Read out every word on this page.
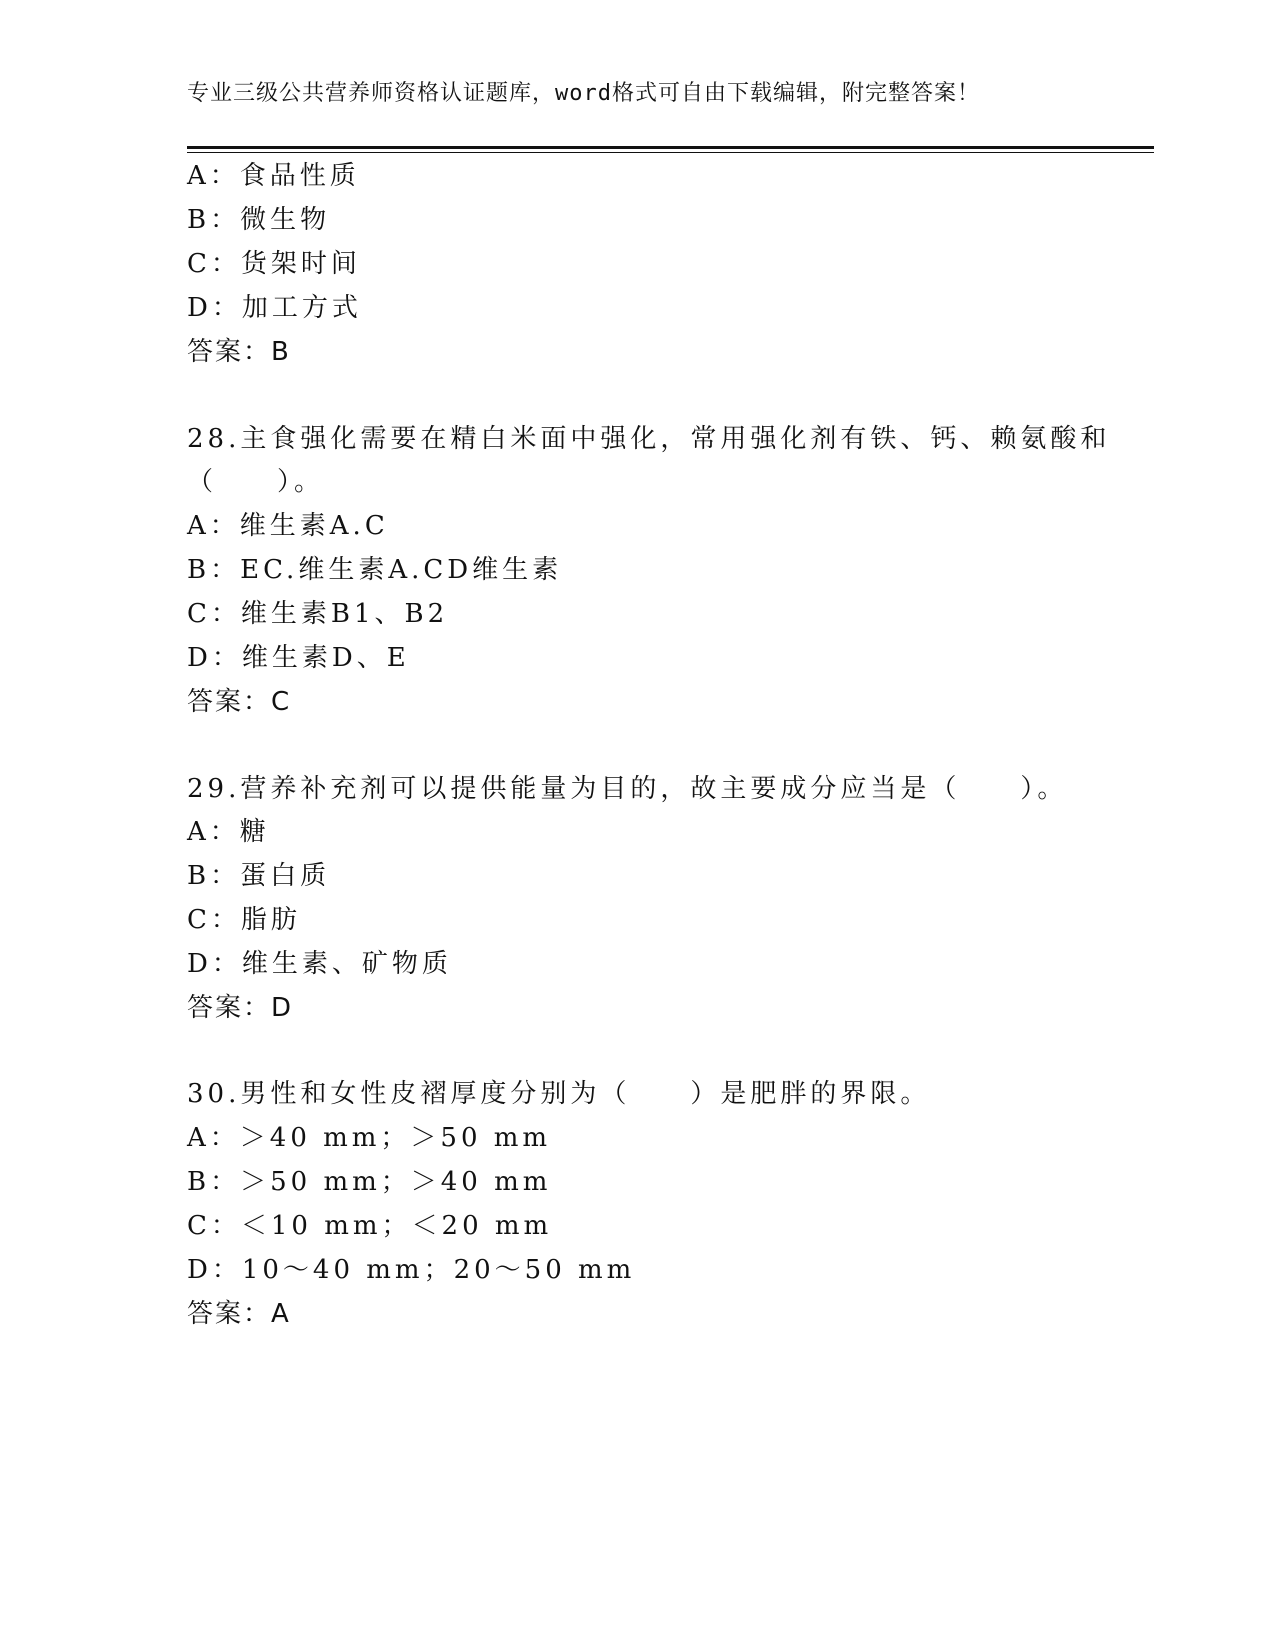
专业三级公共营养师资格认证题库，word格式可自由下载编辑，附完整答案！
A：食品性质
B：微生物
C：货架时间
D：加工方式
答案：B
28.主食强化需要在精白米面中强化，常用强化剂有铁、钙、赖氨酸和
（　　）。
A：维生素A.C
B：EC.维生素A.CD维生素
C：维生素B1、B2
D：维生素D、E
答案：C
29.营养补充剂可以提供能量为目的，故主要成分应当是（　　）。
A：糖
B：蛋白质
C：脂肪
D：维生素、矿物质
答案：D
30.男性和女性皮褶厚度分别为（　　）是肥胖的界限。
A：＞40 mm；＞50 mm
B：＞50 mm；＞40 mm
C：＜10 mm；＜20 mm
D：10～40 mm；20～50 mm
答案：A
